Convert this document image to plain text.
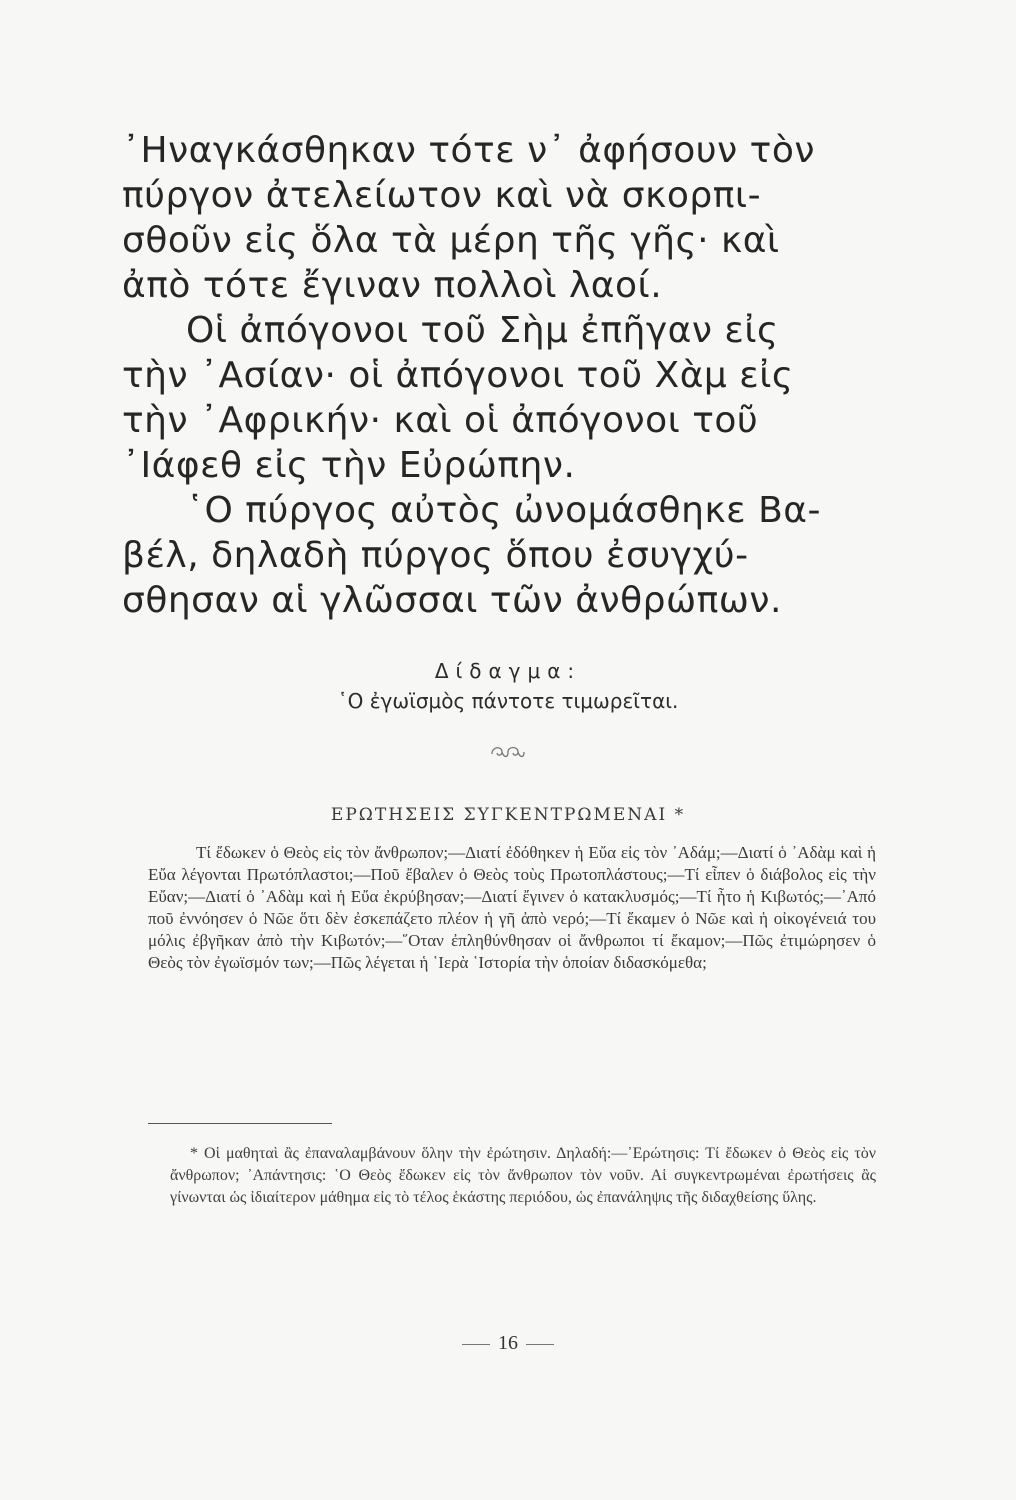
᾿Ηναγκάσθηκαν τότε ν᾿ ἀφήσουν τὸν

πύργον ἀτελείωτον καὶ νὰ σκορπι-

σθοῦν εἰς ὅλα τὰ μέρη τῆς γῆς· καὶ

ἀπὸ τότε ἔγιναν πολλοὶ λαοί.

Οἱ ἀπόγονοι τοῦ Σὴμ ἐπῆγαν εἰς

τὴν ᾿Ασίαν· οἱ ἀπόγονοι τοῦ Χὰμ εἰς

τὴν ᾿Αφρικήν· καὶ οἱ ἀπόγονοι τοῦ

᾿Ιάφεθ εἰς τὴν Εὐρώπην.

῾Ο πύργος αὐτὸς ὠνομάσθηκε Βα-

βέλ, δηλαδὴ πύργος ὅπου ἐσυγχύ-

σθησαν αἱ γλῶσσαι τῶν ἀνθρώπων.

Δίδαγμα:
῾Ο ἐγωϊσμὸς πάντοτε τιμωρεῖται.
ΕΡΩΤΗΣΕΙΣ ΣΥΓΚΕΝΤΡΩΜΕΝΑΙ *
Τί ἔδωκεν ὁ Θεὸς εἰς τὸν ἄνθρωπον;—Διατί ἐδόθηκεν ἡ Εὔα εἰς τὸν ᾿Αδάμ;—Διατί ὁ ᾿Αδὰμ καὶ ἡ Εὔα λέγονται Πρωτόπλαστοι;—Ποῦ ἔβαλεν ὁ Θεὸς τοὺς Πρωτοπλάστους;—Τί εἶπεν ὁ διάβολος εἰς τὴν Εὔαν;—Διατί ὁ ᾿Αδὰμ καὶ ἡ Εὔα ἐκρύβησαν;—Διατί ἔγινεν ὁ κατακλυσμός;—Τί ἦτο ἡ Κιβωτός;—᾿Από ποῦ ἐννόησεν ὁ Νῶε ὅτι δὲν ἐσκεπάζετο πλέον ἡ γῆ ἀπὸ νερό;—Τί ἔκαμεν ὁ Νῶε καὶ ἡ οἰκογένειά του μόλις ἐβγῆκαν ἀπὸ τὴν Κιβωτόν;—῞Οταν ἐπληθύνθησαν οἱ ἄνθρωποι τί ἔκαμον;—Πῶς ἐτιμώρησεν ὁ Θεὸς τὸν ἐγωϊσμόν των;—Πῶς λέγεται ἡ ῾Ιερὰ ῾Ιστορία τὴν ὁποίαν διδασκόμεθα;
* Οἱ μαθηταὶ ἂς ἐπαναλαμβάνουν ὅλην τὴν ἐρώτησιν. Δηλαδή:—᾿Ερώτησις: Τί ἔδωκεν ὁ Θεὸς εἰς τὸν ἄνθρωπον; ᾿Απάντησις: ῾Ο Θεὸς ἔδωκεν εἰς τὸν ἄνθρωπον τὸν νοῦν. Αἱ συγκεντρωμέναι ἐρωτήσεις ἂς γίνωνται ὡς ἰδιαίτερον μάθημα εἰς τὸ τέλος ἑκάστης περιόδου, ὡς ἐπανάληψις τῆς διδαχθείσης ὕλης.
16
